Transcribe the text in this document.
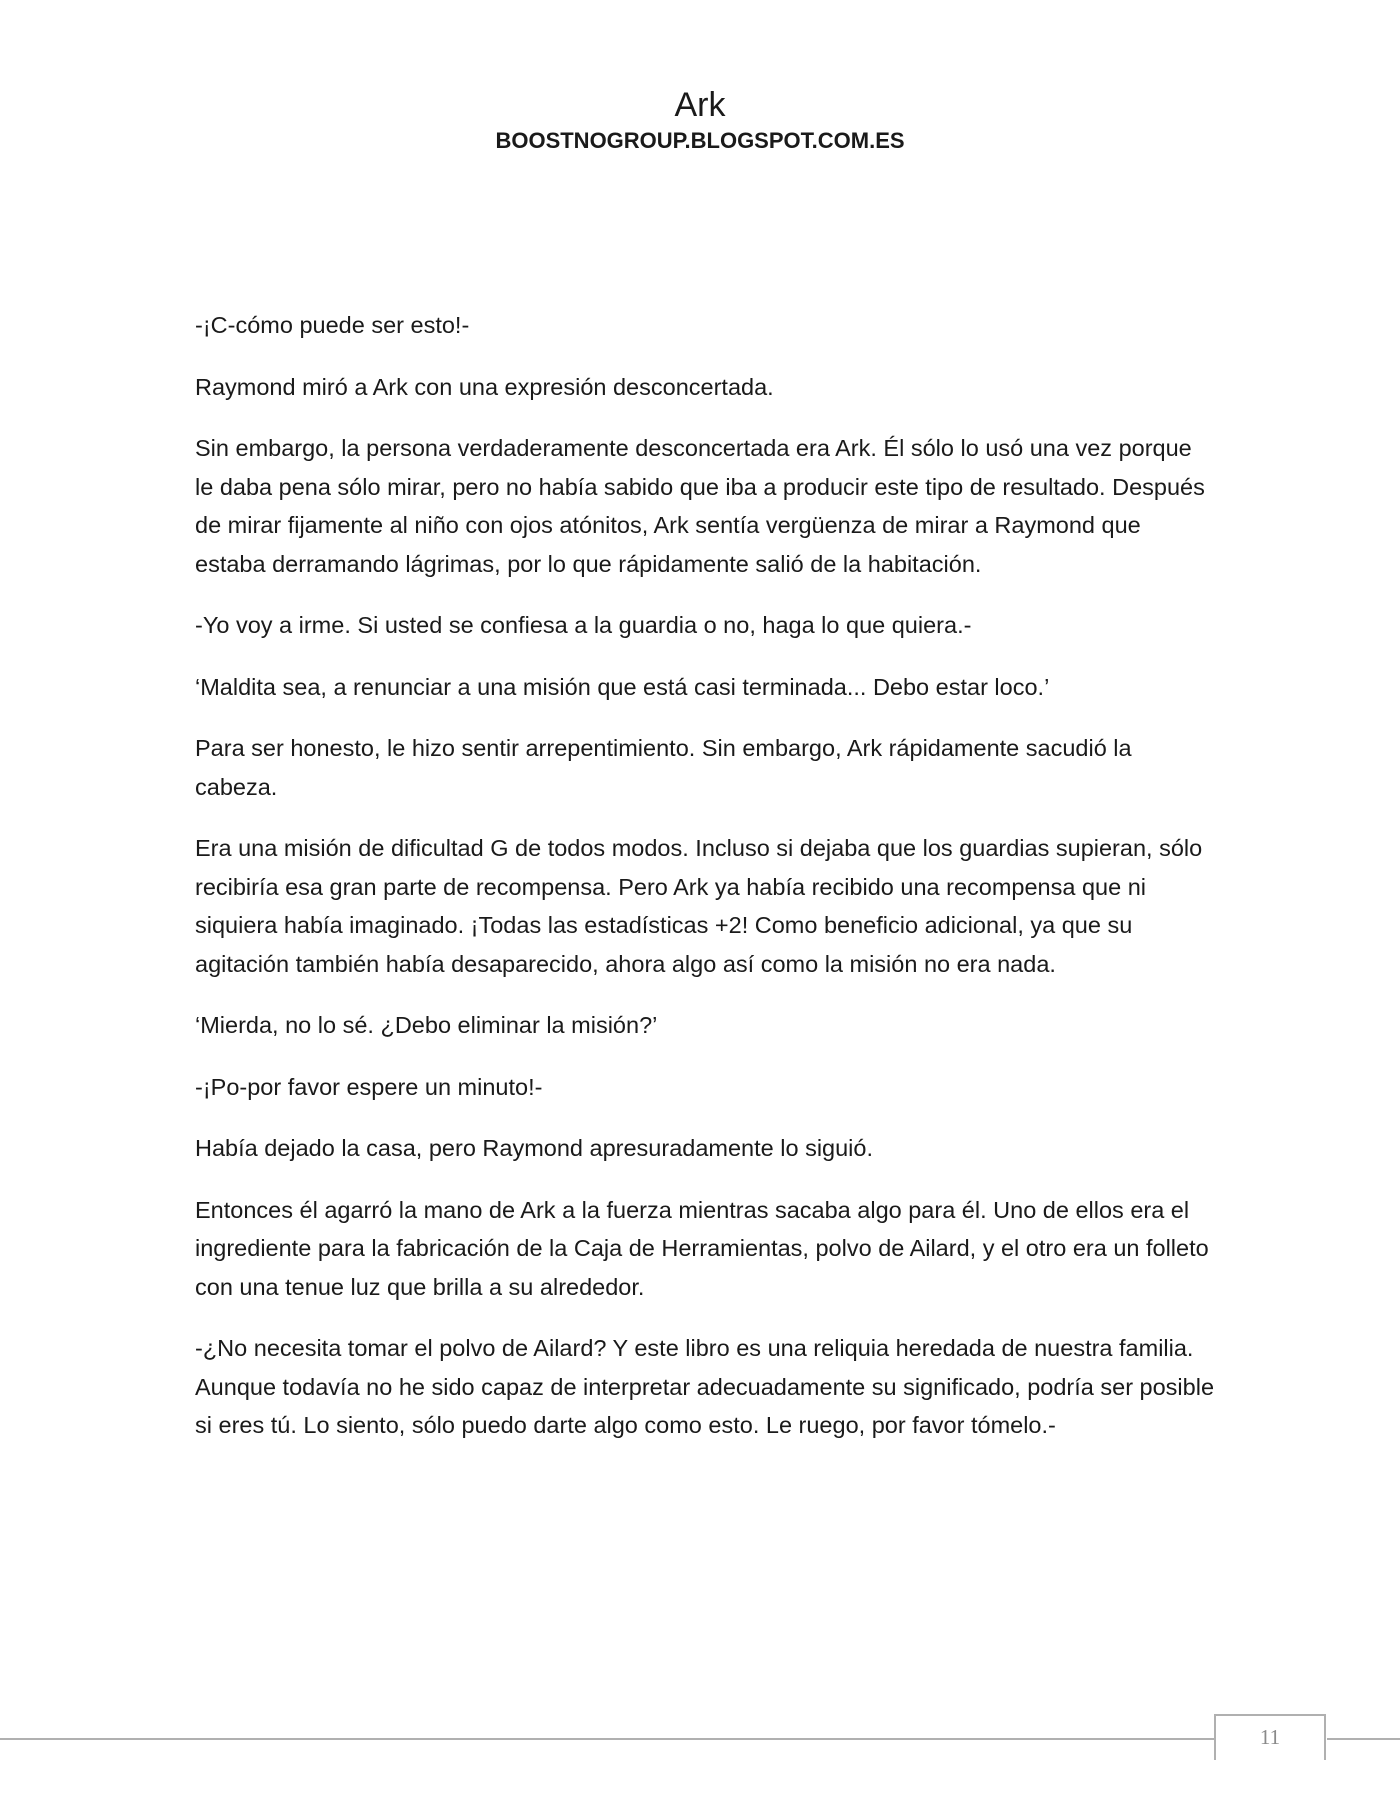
Ark
BOOSTNOGROUP.BLOGSPOT.COM.ES

-¡C-cómo puede ser esto!-

Raymond miró a Ark con una expresión desconcertada.

Sin embargo, la persona verdaderamente desconcertada era Ark. Él sólo lo usó una vez porque le daba pena sólo mirar, pero no había sabido que iba a producir este tipo de resultado. Después de mirar fijamente al niño con ojos atónitos, Ark sentía vergüenza de mirar a Raymond que estaba derramando lágrimas, por lo que rápidamente salió de la habitación.

-Yo voy a irme. Si usted se confiesa a la guardia o no, haga lo que quiera.-

‘Maldita sea, a renunciar a una misión que está casi terminada... Debo estar loco.’

Para ser honesto, le hizo sentir arrepentimiento. Sin embargo, Ark rápidamente sacudió la cabeza.

Era una misión de dificultad G de todos modos. Incluso si dejaba que los guardias supieran, sólo recibiría esa gran parte de recompensa. Pero Ark ya había recibido una recompensa que ni siquiera había imaginado. ¡Todas las estadísticas +2! Como beneficio adicional, ya que su agitación también había desaparecido, ahora algo así como la misión no era nada.

‘Mierda, no lo sé. ¿Debo eliminar la misión?’

-¡Po-por favor espere un minuto!-

Había dejado la casa, pero Raymond apresuradamente lo siguió.

Entonces él agarró la mano de Ark a la fuerza mientras sacaba algo para él. Uno de ellos era el ingrediente para la fabricación de la Caja de Herramientas, polvo de Ailard, y el otro era un folleto con una tenue luz que brilla a su alrededor.

-¿No necesita tomar el polvo de Ailard? Y este libro es una reliquia heredada de nuestra familia. Aunque todavía no he sido capaz de interpretar adecuadamente su significado, podría ser posible si eres tú. Lo siento, sólo puedo darte algo como esto. Le ruego, por favor tómelo.-

11
